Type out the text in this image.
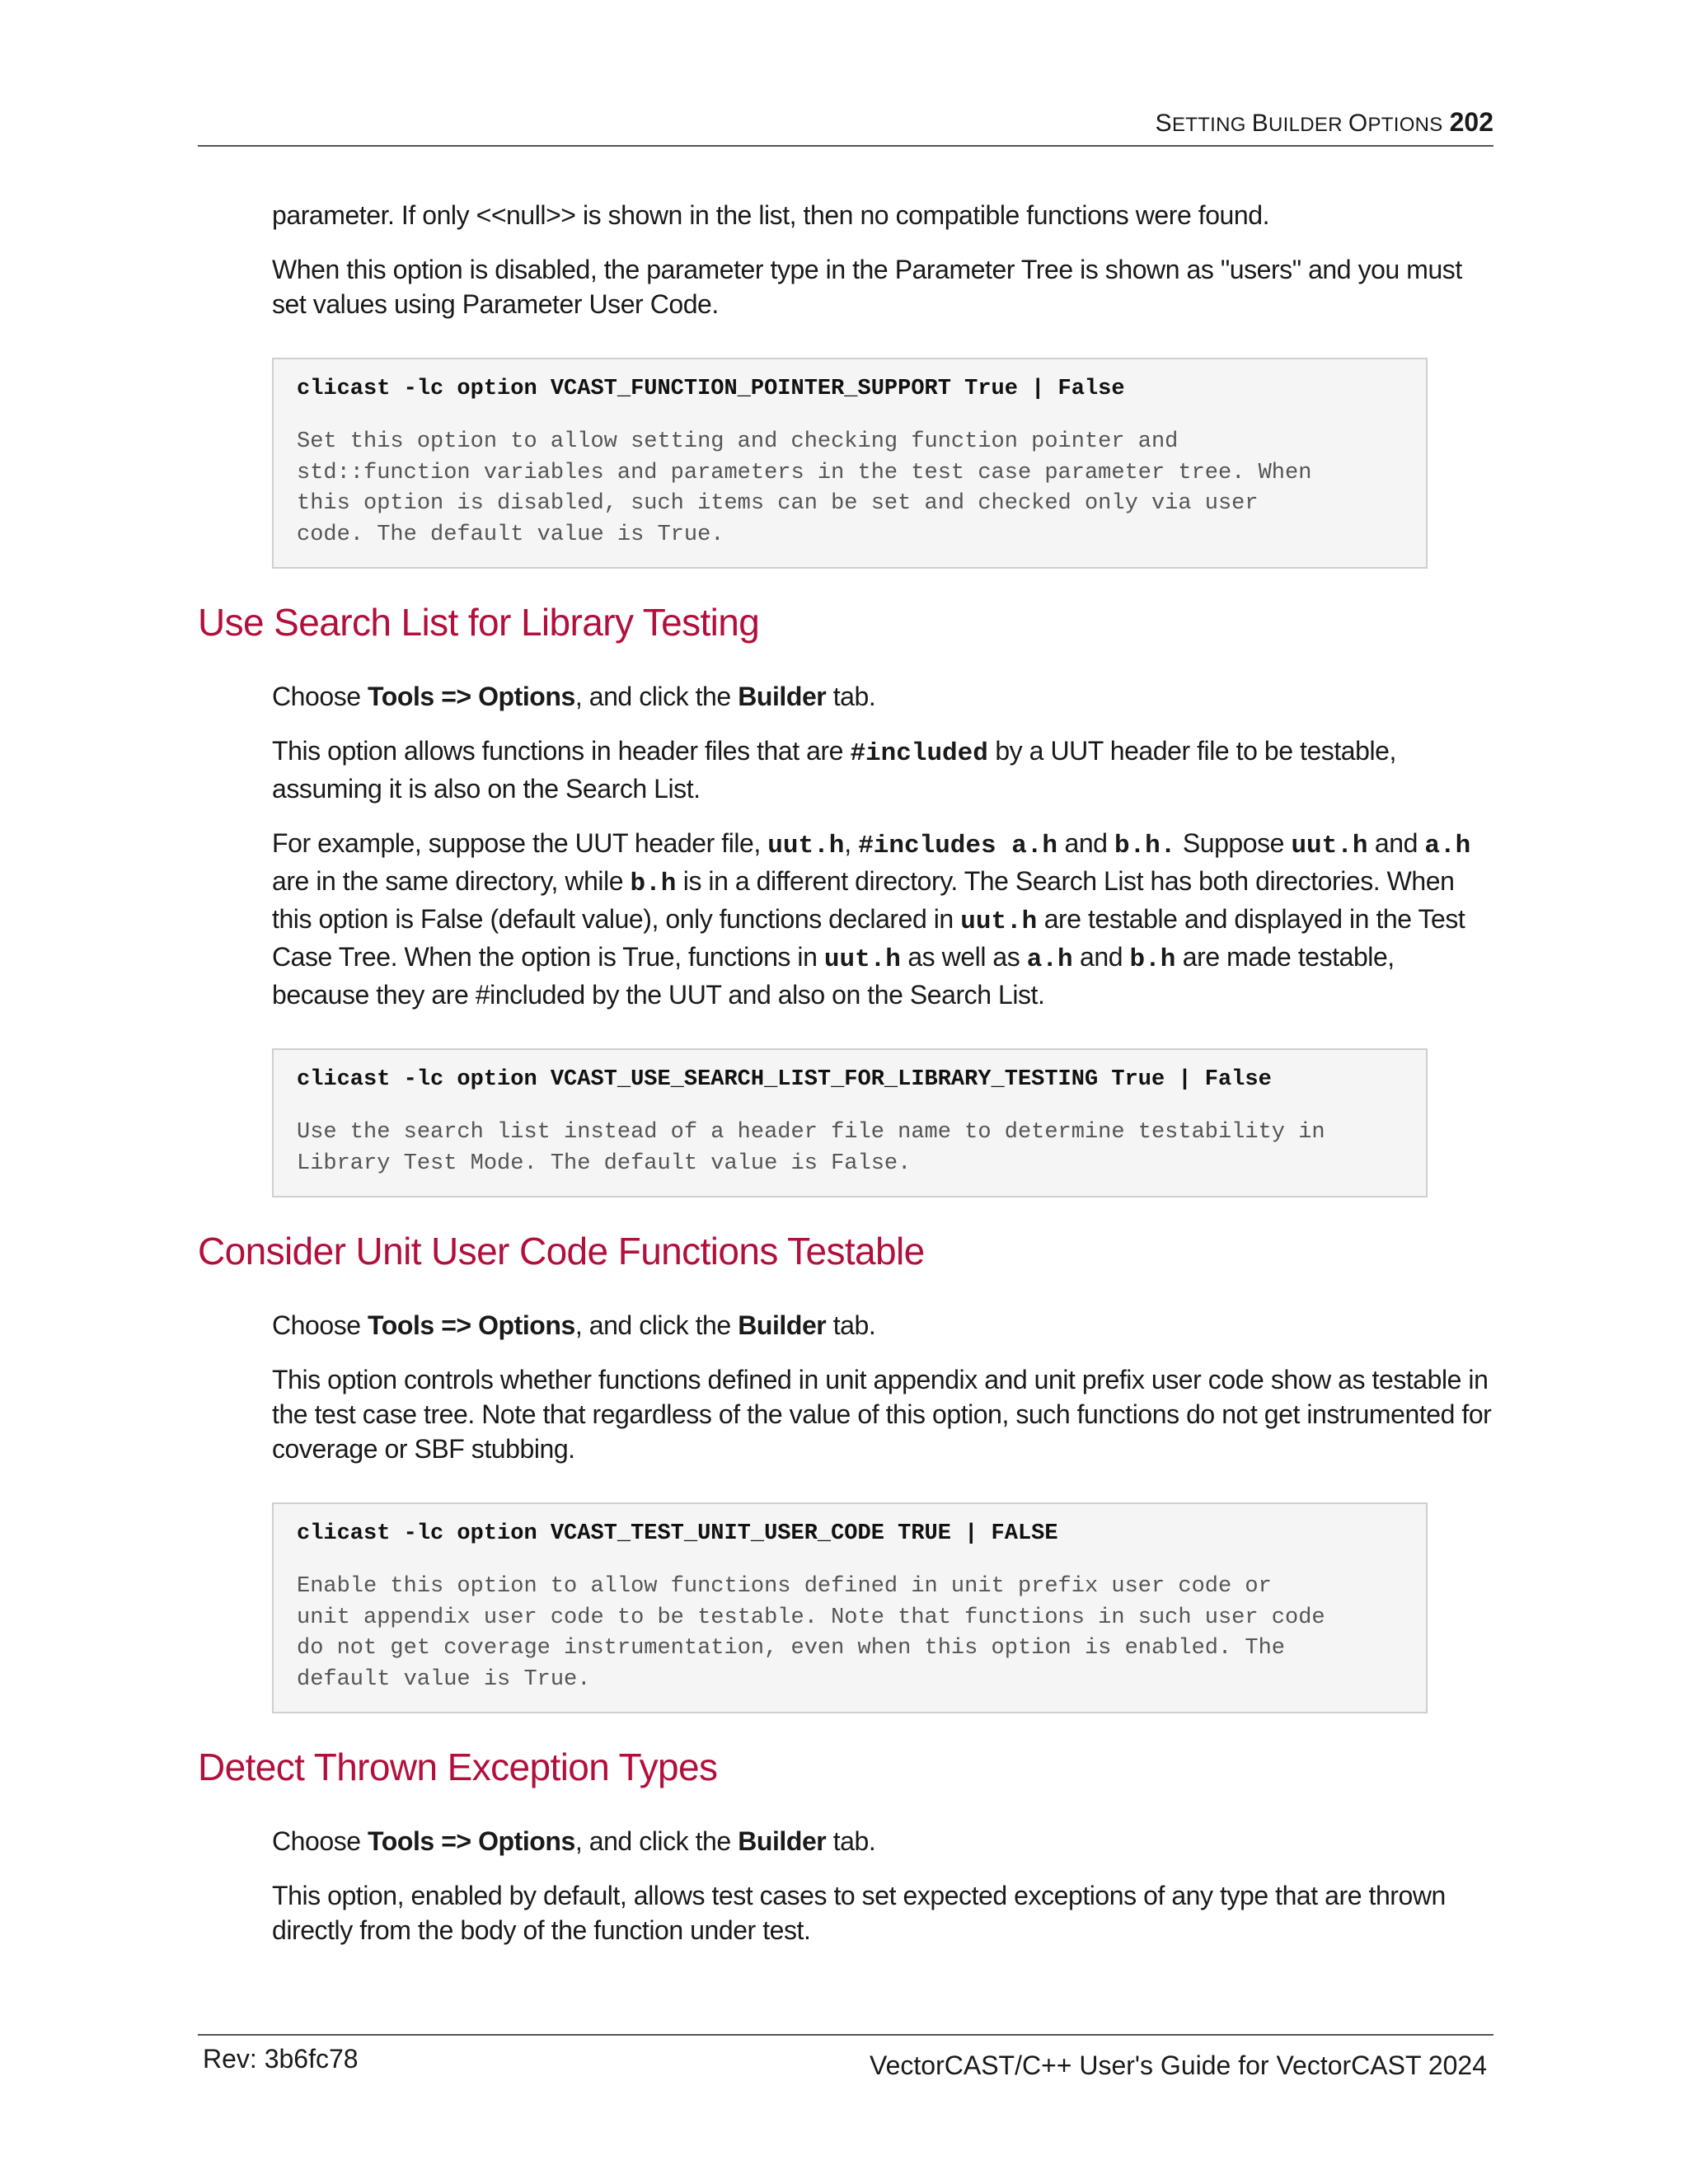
SETTING BUILDER OPTIONS 202

parameter. If only <<null>> is shown in the list, then no compatible functions were found.

When this option is disabled, the parameter type in the Parameter Tree is shown as "users" and you must set values using Parameter User Code.

clicast -lc option VCAST_FUNCTION_POINTER_SUPPORT True | False
Set this option to allow setting and checking function pointer and
std::function variables and parameters in the test case parameter tree. When
this option is disabled, such items can be set and checked only via user
code. The default value is True.
Use Search List for Library Testing

Choose Tools => Options, and click the Builder tab.

This option allows functions in header files that are #included by a UUT header file to be testable, assuming it is also on the Search List.

For example, suppose the UUT header file, uut.h, #includes a.h and b.h. Suppose uut.h and a.h are in the same directory, while b.h is in a different directory. The Search List has both directories. When this option is False (default value), only functions declared in uut.h are testable and displayed in the Test Case Tree. When the option is True, functions in uut.h as well as a.h and b.h are made testable, because they are #included by the UUT and also on the Search List.

clicast -lc option VCAST_USE_SEARCH_LIST_FOR_LIBRARY_TESTING True | False
Use the search list instead of a header file name to determine testability in
Library Test Mode. The default value is False.
Consider Unit User Code Functions Testable

Choose Tools => Options, and click the Builder tab.

This option controls whether functions defined in unit appendix and unit prefix user code show as testable in the test case tree. Note that regardless of the value of this option, such functions do not get instrumented for coverage or SBF stubbing.

clicast -lc option VCAST_TEST_UNIT_USER_CODE TRUE | FALSE
Enable this option to allow functions defined in unit prefix user code or
unit appendix user code to be testable. Note that functions in such user code
do not get coverage instrumentation, even when this option is enabled. The
default value is True.
Detect Thrown Exception Types

Choose Tools => Options, and click the Builder tab.

This option, enabled by default, allows test cases to set expected exceptions of any type that are thrown directly from the body of the function under test.

Rev: 3b6fc78	VectorCAST/C++ User's Guide for VectorCAST 2024
